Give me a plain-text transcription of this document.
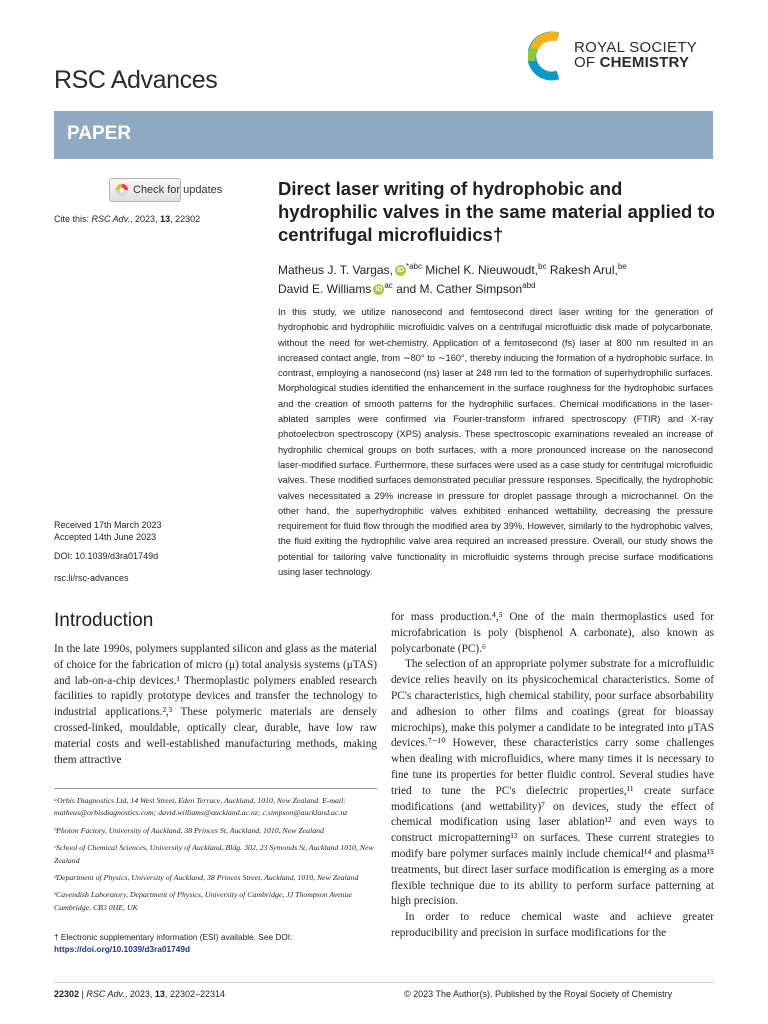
RSC Advances
ROYAL SOCIETY
OF CHEMISTRY
PAPER
Check for updates
Cite this: RSC Adv., 2023, 13, 22302
Direct laser writing of hydrophobic and hydrophilic valves in the same material applied to centrifugal microfluidics†
Matheus J. T. Vargas, iD $^{*abc}$ Michel K. Nieuwoudt,$^{bc}$ Rakesh Arul,$^{be}$
David E. Williams iD $^{ac}$ and M. Cather Simpson$^{abd}$
In this study, we utilize nanosecond and femtosecond direct laser writing for the generation of hydrophobic and hydrophilic microfluidic valves on a centrifugal microfluidic disk made of polycarbonate, without the need for wet-chemistry. Application of a femtosecond (fs) laser at 800 nm resulted in an increased contact angle, from ∼80° to ∼160°, thereby inducing the formation of a hydrophobic surface. In contrast, employing a nanosecond (ns) laser at 248 nm led to the formation of superhydrophilic surfaces. Morphological studies identified the enhancement in the surface roughness for the hydrophobic surfaces and the creation of smooth patterns for the hydrophilic surfaces. Chemical modifications in the laser-ablated samples were confirmed via Fourier-transform infrared spectroscopy (FTIR) and X-ray photoelectron spectroscopy (XPS) analysis. These spectroscopic examinations revealed an increase of hydrophilic chemical groups on both surfaces, with a more pronounced increase on the nanosecond laser-modified surface. Furthermore, these surfaces were used as a case study for centrifugal microfluidic valves. These modified surfaces demonstrated peculiar pressure responses. Specifically, the hydrophobic valves necessitated a 29% increase in pressure for droplet passage through a microchannel. On the other hand, the superhydrophilic valves exhibited enhanced wettability, decreasing the pressure requirement for fluid flow through the modified area by 39%. However, similarly to the hydrophobic valves, the fluid exiting the hydrophilic valve area required an increased pressure. Overall, our study shows the potential for tailoring valve functionality in microfluidic systems through precise surface modifications using laser technology.
Received 17th March 2023
Accepted 14th June 2023
DOI: 10.1039/d3ra01749d
rsc.li/rsc-advances
Introduction

In the late 1990s, polymers supplanted silicon and glass as the material of choice for the fabrication of micro (μ) total analysis systems (μTAS) and lab-on-a-chip devices.¹ Thermoplastic polymers enabled research facilities to rapidly prototype devices and transfer the technology to industrial applications.²,³ These polymeric materials are densely crossed-linked, mouldable, optically clear, durable, have low raw material costs and well-established manufacturing methods, making them attractive

ᵃOrbis Diagnostics Ltd, 14 West Street, Eden Terrace, Auckland, 1010, New Zealand. E-mail: matheus@orbisdiagnostics.com; david.williams@auckland.ac.nz; c.simpson@auckland.ac.nz

ᵇPhoton Factory, University of Auckland, 38 Princes St, Auckland, 1010, New Zealand

ᶜSchool of Chemical Sciences, University of Auckland, Bldg. 302, 23 Symonds St, Auckland 1010, New Zealand

ᵈDepartment of Physics, University of Auckland, 38 Princes Street, Auckland, 1010, New Zealand

ᵉCavendish Laboratory, Department of Physics, University of Cambridge, JJ Thompson Avenue Cambridge, CB3 0HE, UK

† Electronic supplementary information (ESI) available. See DOI: https://doi.org/10.1039/d3ra01749d

for mass production.⁴,⁵ One of the main thermoplastics used for microfabrication is poly (bisphenol A carbonate), also known as polycarbonate (PC).⁶

The selection of an appropriate polymer substrate for a microfluidic device relies heavily on its physicochemical characteristics. Some of PC's characteristics, high chemical stability, poor surface absorbability and adhesion to other films and coatings (great for bioassay microchips), make this polymer a candidate to be integrated into μTAS devices.⁷⁻¹⁰ However, these characteristics carry some challenges when dealing with microfluidics, where many times it is necessary to fine tune its properties for better fluidic control. Several studies have tried to tune the PC's dielectric properties,¹¹ create surface modifications (and wettability)⁷ on devices, study the effect of chemical modification using laser ablation¹² and even ways to construct micropatterning¹³ on surfaces. These current strategies to modify bare polymer surfaces mainly include chemical¹⁴ and plasma¹⁵ treatments, but direct laser surface modification is emerging as a more flexible technique due to its ability to perform surface patterning at high precision.

In order to reduce chemical waste and achieve greater reproducibility and precision in surface modifications for the

22302 | RSC Adv., 2023, 13, 22302–22314	© 2023 The Author(s). Published by the Royal Society of Chemistry
